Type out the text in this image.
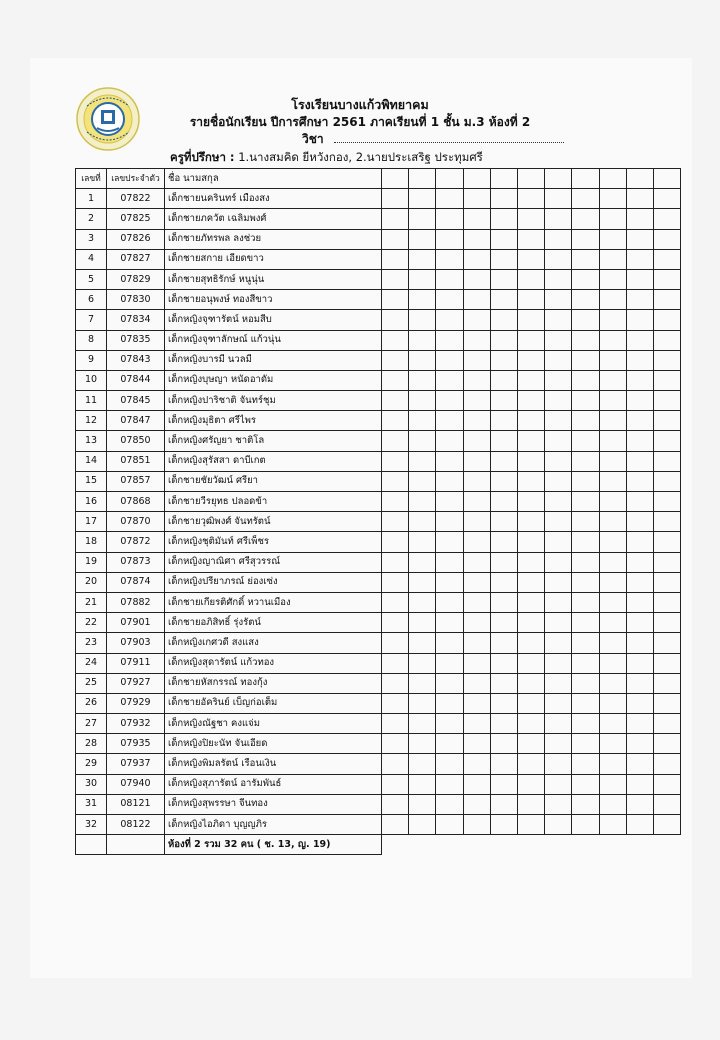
โรงเรียนบางแก้วพิทยาคม
รายชื่อนักเรียน ปีการศึกษา 2561 ภาคเรียนที่ 1 ชั้น ม.3 ห้องที่ 2
วิชา
ครูที่ปรึกษา : 1.นางสมคิด ยีหวังกอง, 2.นายประเสริฐ ประทุมศรี
เลขที่	เลขประจำตัว	ชื่อ นามสกุล											
1	07822	เด็กชายนครินทร์ เมืองสง											
2	07825	เด็กชายภควัต เฉลิมพงศ์											
3	07826	เด็กชายภัทรพล ลงช่วย											
4	07827	เด็กชายสกาย เอียดขาว											
5	07829	เด็กชายสุทธิรักษ์ หนูนุ่น											
6	07830	เด็กชายอนุพงษ์ ทองสีขาว											
7	07834	เด็กหญิงจุฑารัตน์ หอมสีบ											
8	07835	เด็กหญิงจุฑาลักษณ์ แก้วนุ่น											
9	07843	เด็กหญิงบารมี นวลมี											
10	07844	เด็กหญิงบุษญา หนัดอาดัม											
11	07845	เด็กหญิงปาริชาติ จันทร์ชุม											
12	07847	เด็กหญิงมุธิตา ศรีไพร											
13	07850	เด็กหญิงศรัญยา ชาติโล											
14	07851	เด็กหญิงสุรัสสา ดาบีเกต											
15	07857	เด็กชายชัยวัฒน์ ศรียา											
16	07868	เด็กชายวีรยุทธ ปลอดข้า											
17	07870	เด็กชายวุฒิพงศ์ จันทรัตน์											
18	07872	เด็กหญิงชุติมันท์ ศรีเพ็ชร											
19	07873	เด็กหญิงญาณิศา ศรีสุวรรณ์											
20	07874	เด็กหญิงปรียาภรณ์ ย่องเซ่ง											
21	07882	เด็กชายเกียรติศักดิ์ หวานเมือง											
22	07901	เด็กชายอภิสิทธิ์ รุ่งรัตน์											
23	07903	เด็กหญิงเกศวดี สงแสง											
24	07911	เด็กหญิงสุดารัตน์ แก้วทอง											
25	07927	เด็กชายหัสกรรณ์ ทองกุ้ง											
26	07929	เด็กชายอัครินย์ เบ็ญก่อเต็ม											
27	07932	เด็กหญิงณัฐชา คงแจ่ม											
28	07935	เด็กหญิงปิยะนัท จันเอียด											
29	07937	เด็กหญิงพิมลรัตน์ เรือนเงิน											
30	07940	เด็กหญิงสุภารัตน์ อารัมพันธ์											
31	08121	เด็กหญิงสุพรรษา จีนทอง											
32	08122	เด็กหญิงไอภิดา บุญญภิร											
		ห้องที่ 2 รวม 32 คน ( ช. 13, ญ. 19)											
